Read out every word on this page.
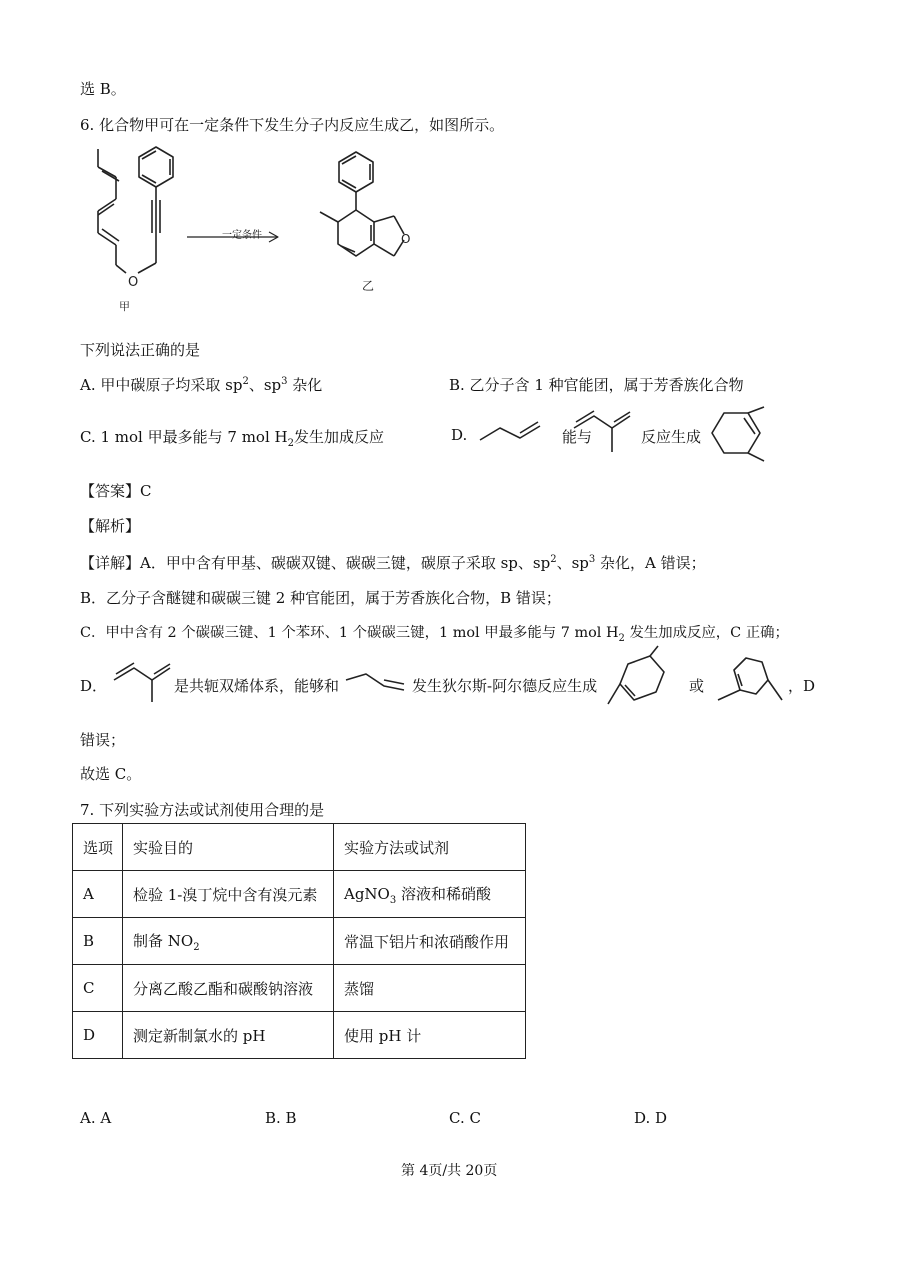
选 B。
6. 化合物甲可在一定条件下发生分子内反应生成乙，如图所示。
O
甲
一定条件	O
乙
下列说法正确的是
A. 甲中碳原子均采取 $sp^2$、$sp^3$ 杂化	B. 乙分子含 1 种官能团，属于芳香族化合物
C. 1 mol 甲最多能与 7 mol $H_2$发生加成反应	D.	能与	反应生成
【答案】C
【解析】
【详解】A．甲中含有甲基、碳碳双键、碳碳三键，碳原子采取 sp、$sp^2$、$sp^3$ 杂化，A 错误；
B．乙分子含醚键和碳碳三键 2 种官能团，属于芳香族化合物，B 错误；
C．甲中含有 2 个碳碳三键、1 个苯环、1 个碳碳三键，1 mol 甲最多能与 7 mol $H_2$ 发生加成反应，C 正确；
D．	是共轭双烯体系，能够和	发生狄尔斯-阿尔德反应生成	或	，D
错误；
故选 C。
7. 下列实验方法或试剂使用合理的是
选项	实验目的	实验方法或试剂
A	检验 1-溴丁烷中含有溴元素	AgNO$_3$ 溶液和稀硝酸
B	制备 $NO_2$	常温下铝片和浓硝酸作用
C	分离乙酸乙酯和碳酸钠溶液	蒸馏
D	测定新制氯水的 pH	使用 pH 计
A. A	B. B	C. C	D. D
第 4页/共 20页
